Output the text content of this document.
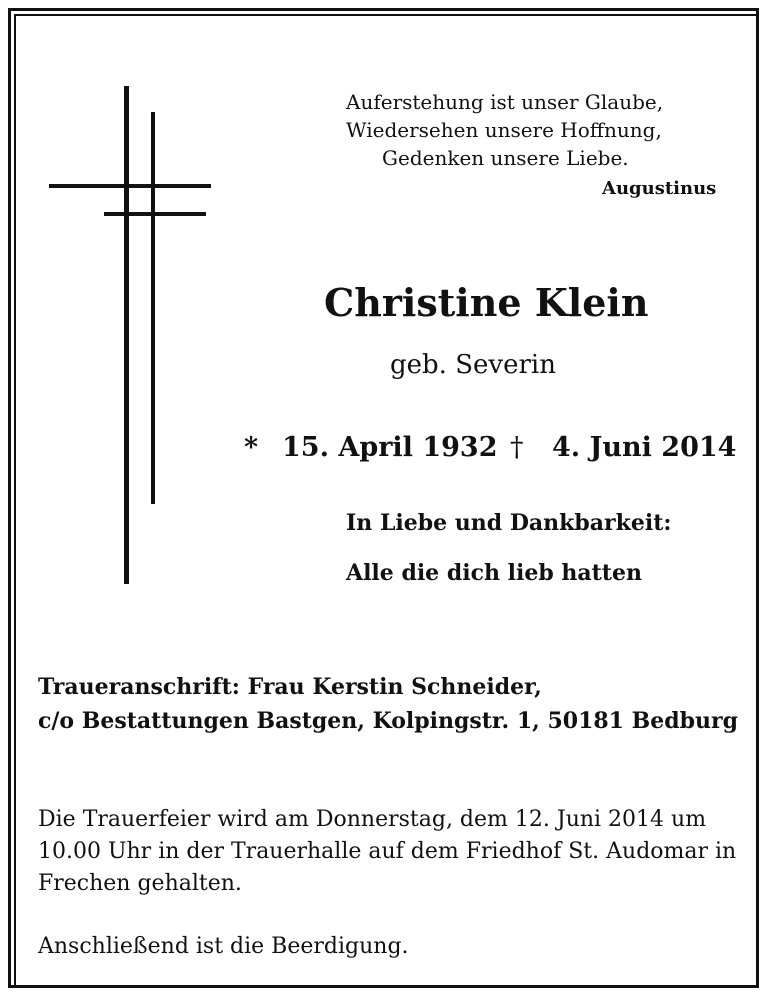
Auferstehung ist unser Glaube,
Wiedersehen unsere Hoffnung,
Gedenken unsere Liebe.
Augustinus
Christine Klein
geb. Severin
* 15. April 1932 † 4. Juni 2014
In Liebe und Dankbarkeit:
Alle die dich lieb hatten
Traueranschrift: Frau Kerstin Schneider,
c/o Bestattungen Bastgen, Kolpingstr. 1, 50181 Bedburg
Die Trauerfeier wird am Donnerstag, dem 12. Juni 2014 um 10.00 Uhr in der Trauerhalle auf dem Friedhof St. Audomar in Frechen gehalten.
Anschließend ist die Beerdigung.
